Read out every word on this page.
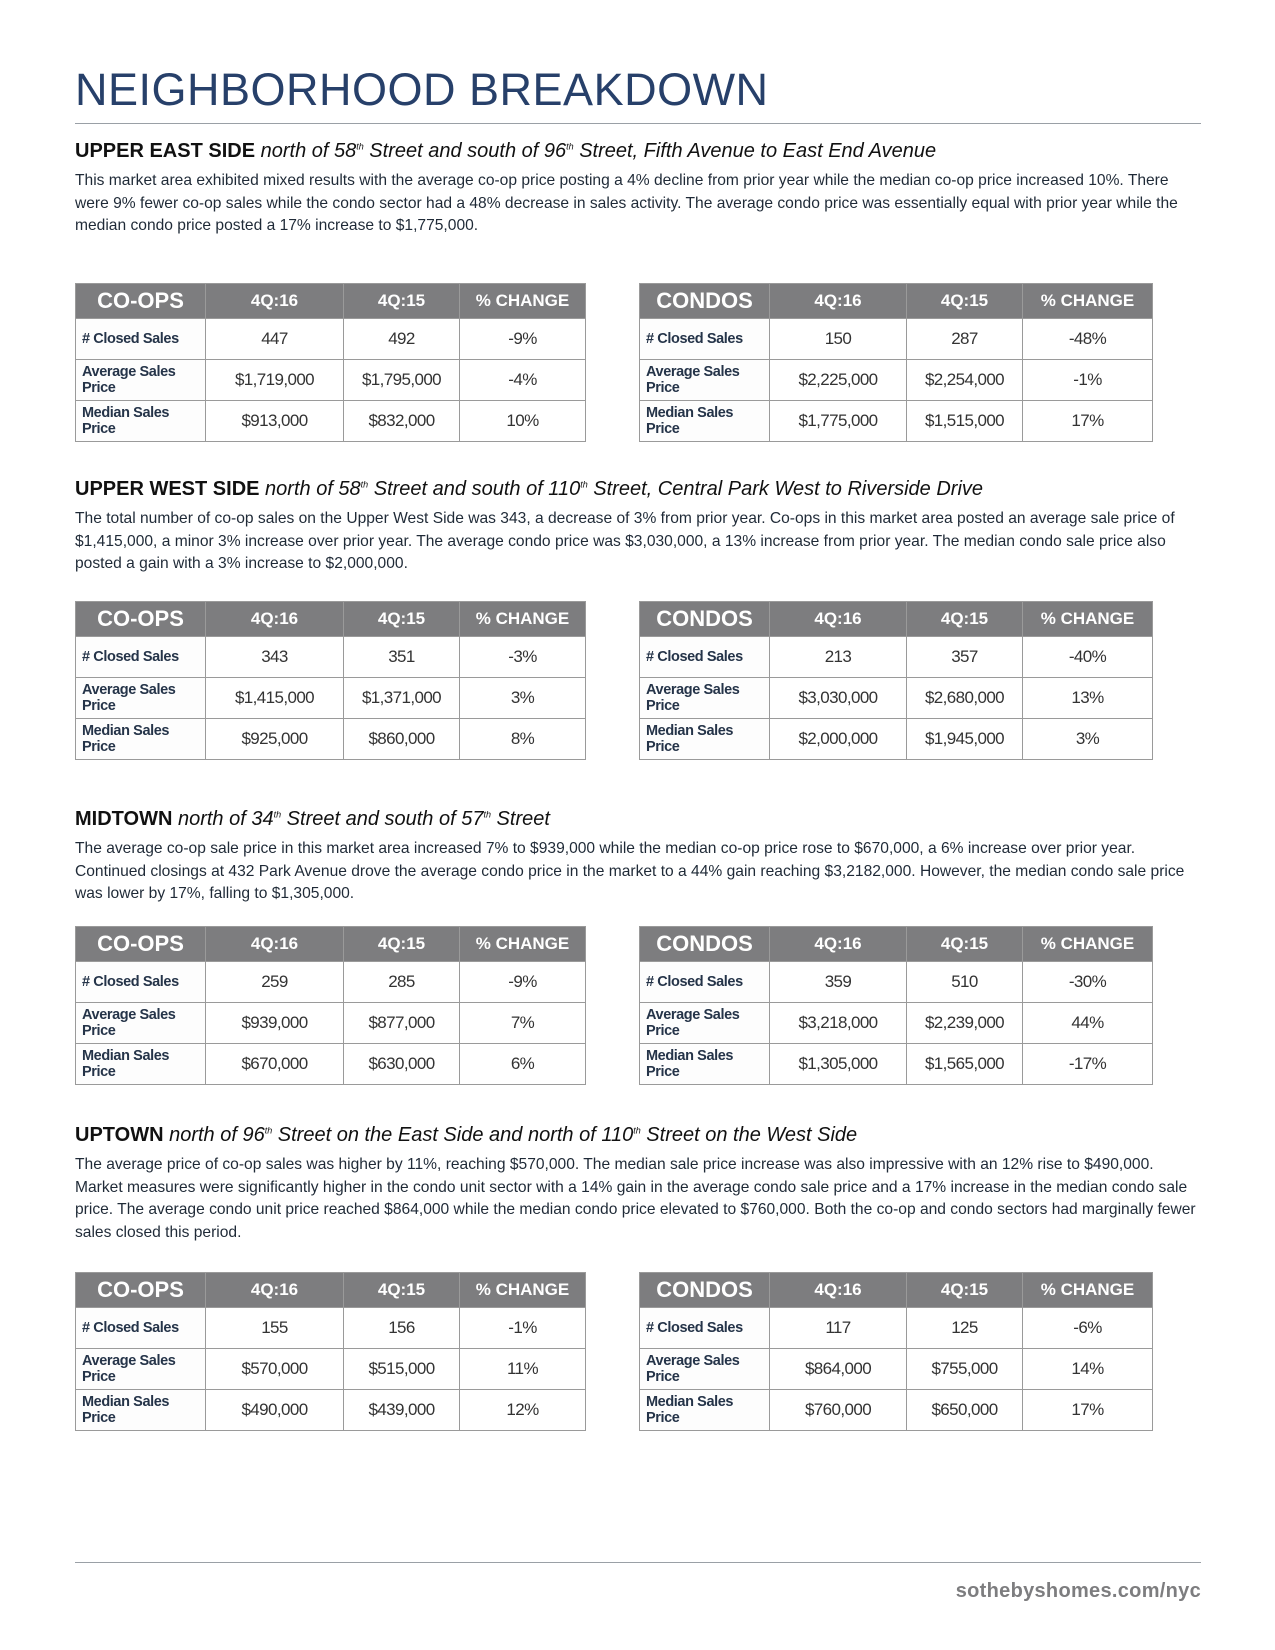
NEIGHBORHOOD BREAKDOWN
UPPER EAST SIDE north of 58th Street and south of 96th Street, Fifth Avenue to East End Avenue

This market area exhibited mixed results with the average co-op price posting a 4% decline from prior year while the median co-op price increased 10%. There were 9% fewer co-op sales while the condo sector had a 48% decrease in sales activity. The average condo price was essentially equal with prior year while the median condo price posted a 17% increase to $1,775,000.

CO-OPS	4Q:16	4Q:15	% CHANGE
# Closed Sales	447	492	-9%
Average Sales Price	$1,719,000	$1,795,000	-4%
Median Sales Price	$913,000	$832,000	10%
CONDOS	4Q:16	4Q:15	% CHANGE
# Closed Sales	150	287	-48%
Average Sales Price	$2,225,000	$2,254,000	-1%
Median Sales Price	$1,775,000	$1,515,000	17%
UPPER WEST SIDE north of 58th Street and south of 110th Street, Central Park West to Riverside Drive

The total number of co-op sales on the Upper West Side was 343, a decrease of 3% from prior year. Co-ops in this market area posted an average sale price of $1,415,000, a minor 3% increase over prior year. The average condo price was $3,030,000, a 13% increase from prior year. The median condo sale price also posted a gain with a 3% increase to $2,000,000.

CO-OPS	4Q:16	4Q:15	% CHANGE
# Closed Sales	343	351	-3%
Average Sales Price	$1,415,000	$1,371,000	3%
Median Sales Price	$925,000	$860,000	8%
CONDOS	4Q:16	4Q:15	% CHANGE
# Closed Sales	213	357	-40%
Average Sales Price	$3,030,000	$2,680,000	13%
Median Sales Price	$2,000,000	$1,945,000	3%
MIDTOWN north of 34th Street and south of 57th Street

The average co-op sale price in this market area increased 7% to $939,000 while the median co-op price rose to $670,000, a 6% increase over prior year. Continued closings at 432 Park Avenue drove the average condo price in the market to a 44% gain reaching $3,2182,000. However, the median condo sale price was lower by 17%, falling to $1,305,000.

CO-OPS	4Q:16	4Q:15	% CHANGE
# Closed Sales	259	285	-9%
Average Sales Price	$939,000	$877,000	7%
Median Sales Price	$670,000	$630,000	6%
CONDOS	4Q:16	4Q:15	% CHANGE
# Closed Sales	359	510	-30%
Average Sales Price	$3,218,000	$2,239,000	44%
Median Sales Price	$1,305,000	$1,565,000	-17%
UPTOWN north of 96th Street on the East Side and north of 110th Street on the West Side

The average price of co-op sales was higher by 11%, reaching $570,000. The median sale price increase was also impressive with an 12% rise to $490,000. Market measures were significantly higher in the condo unit sector with a 14% gain in the average condo sale price and a 17% increase in the median condo sale price. The average condo unit price reached $864,000 while the median condo price elevated to $760,000. Both the co-op and condo sectors had marginally fewer sales closed this period.

CO-OPS	4Q:16	4Q:15	% CHANGE
# Closed Sales	155	156	-1%
Average Sales Price	$570,000	$515,000	11%
Median Sales Price	$490,000	$439,000	12%
CONDOS	4Q:16	4Q:15	% CHANGE
# Closed Sales	117	125	-6%
Average Sales Price	$864,000	$755,000	14%
Median Sales Price	$760,000	$650,000	17%
sothebyshomes.com/nyc
